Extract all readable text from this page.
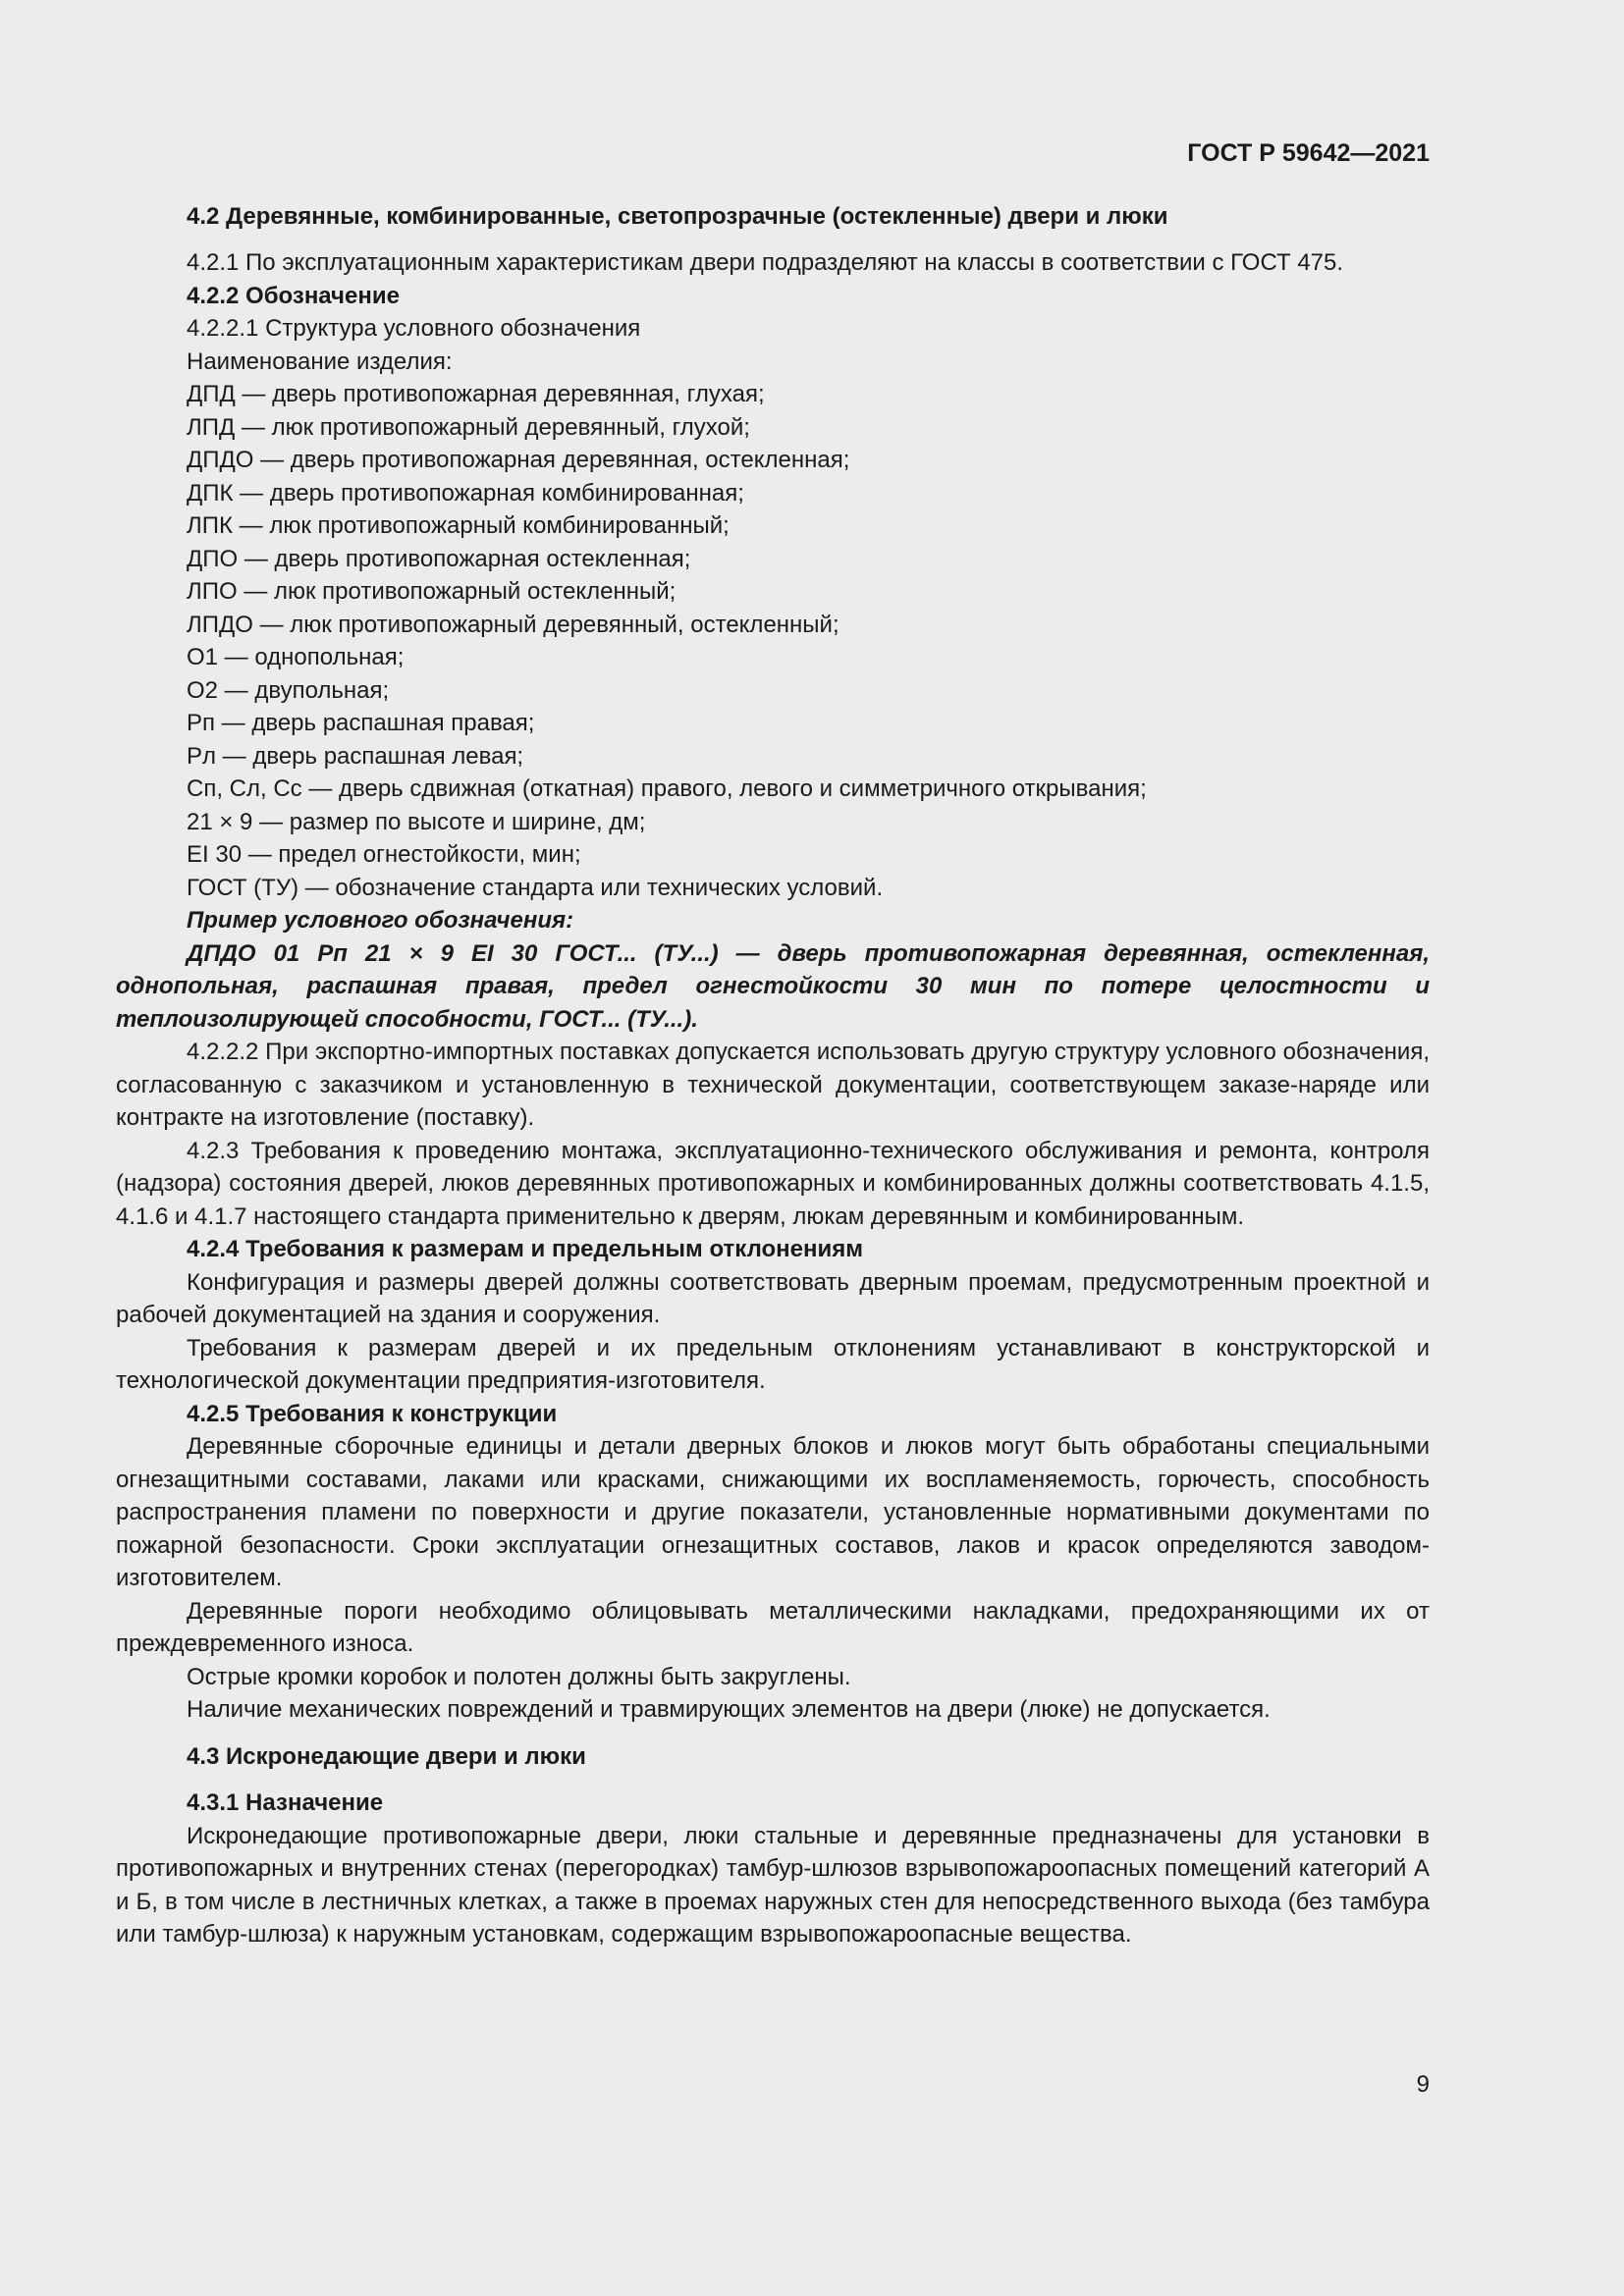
ГОСТ Р 59642—2021

4.2 Деревянные, комбинированные, светопрозрачные (остекленные) двери и люки

4.2.1 По эксплуатационным характеристикам двери подразделяют на классы в соответствии с ГОСТ 475.

4.2.2 Обозначение

4.2.2.1 Структура условного обозначения

Наименование изделия:

ДПД — дверь противопожарная деревянная, глухая;

ЛПД — люк противопожарный деревянный, глухой;

ДПДО — дверь противопожарная деревянная, остекленная;

ДПК — дверь противопожарная комбинированная;

ЛПК — люк противопожарный комбинированный;

ДПО — дверь противопожарная остекленная;

ЛПО — люк противопожарный остекленный;

ЛПДО — люк противопожарный деревянный, остекленный;

О1 — однопольная;

О2 — двупольная;

Рп — дверь распашная правая;

Рл — дверь распашная левая;

Сп, Сл, Сс — дверь сдвижная (откатная) правого, левого и симметричного открывания;

21 × 9 — размер по высоте и ширине, дм;

EI 30 — предел огнестойкости, мин;

ГОСТ (ТУ) — обозначение стандарта или технических условий.

Пример условного обозначения:

ДПДО 01 Рп 21 × 9 EI 30 ГОСТ... (ТУ...) — дверь противопожарная деревянная, остекленная, однопольная, распашная правая, предел огнестойкости 30 мин по потере целостности и теплоизолирующей способности, ГОСТ... (ТУ...).

4.2.2.2 При экспортно-импортных поставках допускается использовать другую структуру условного обозначения, согласованную с заказчиком и установленную в технической документации, соответствующем заказе-наряде или контракте на изготовление (поставку).

4.2.3 Требования к проведению монтажа, эксплуатационно-технического обслуживания и ремонта, контроля (надзора) состояния дверей, люков деревянных противопожарных и комбинированных должны соответствовать 4.1.5, 4.1.6 и 4.1.7 настоящего стандарта применительно к дверям, люкам деревянным и комбинированным.

4.2.4 Требования к размерам и предельным отклонениям

Конфигурация и размеры дверей должны соответствовать дверным проемам, предусмотренным проектной и рабочей документацией на здания и сооружения.

Требования к размерам дверей и их предельным отклонениям устанавливают в конструкторской и технологической документации предприятия-изготовителя.

4.2.5 Требования к конструкции

Деревянные сборочные единицы и детали дверных блоков и люков могут быть обработаны специальными огнезащитными составами, лаками или красками, снижающими их воспламеняемость, горючесть, способность распространения пламени по поверхности и другие показатели, установленные нормативными документами по пожарной безопасности. Сроки эксплуатации огнезащитных составов, лаков и красок определяются заводом-изготовителем.

Деревянные пороги необходимо облицовывать металлическими накладками, предохраняющими их от преждевременного износа.

Острые кромки коробок и полотен должны быть закруглены.

Наличие механических повреждений и травмирующих элементов на двери (люке) не допускается.

4.3 Искронедающие двери и люки

4.3.1 Назначение

Искронедающие противопожарные двери, люки стальные и деревянные предназначены для установки в противопожарных и внутренних стенах (перегородках) тамбур-шлюзов взрывопожароопасных помещений категорий А и Б, в том числе в лестничных клетках, а также в проемах наружных стен для непосредственного выхода (без тамбура или тамбур-шлюза) к наружным установкам, содержащим взрывопожароопасные вещества.

9
